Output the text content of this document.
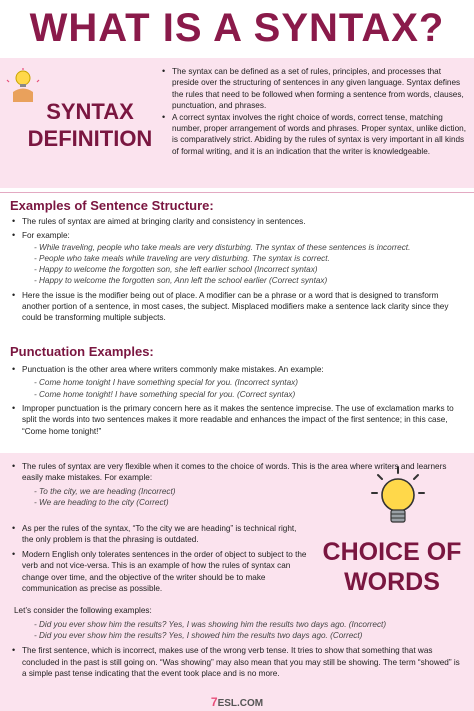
WHAT IS A SYNTAX?
SYNTAX
DEFINITION
• The syntax can be defined as a set of rules, principles, and processes that preside over the structuring of sentences in any given language. Syntax defines the rules that need to be followed when forming a sentence from words, clauses, punctuation, and phrases.
• A correct syntax involves the right choice of words, correct tense, matching number, proper arrangement of words and phrases. Proper syntax, unlike diction, is comparatively strict. Abiding by the rules of syntax is very important in all kinds of formal writing, and it is an indication that the writer is knowledgeable.
Examples of Sentence Structure:
• The rules of syntax are aimed at bringing clarity and consistency in sentences.
• For example:
- While traveling, people who take meals are very disturbing. The syntax of these sentences is incorrect.
- People who take meals while traveling are very disturbing. The syntax is correct.
- Happy to welcome the forgotten son, she left earlier school (Incorrect syntax)
- Happy to welcome the forgotten son, Ann left the school earlier (Correct syntax)
• Here the issue is the modifier being out of place. A modifier can be a phrase or a word that is designed to transform another portion of a sentence, in most cases, the subject. Misplaced modifiers make a sentence lack clarity since they could be transforming multiple subjects.
Punctuation Examples:
• Punctuation is the other area where writers commonly make mistakes. An example:
- Come home tonight I have something special for you. (Incorrect syntax)
- Come home tonight! I have something special for you. (Correct syntax)
• Improper punctuation is the primary concern here as it makes the sentence imprecise. The use of exclamation marks to split the words into two sentences makes it more readable and enhances the impact of the first sentence; in this case, “Come home tonight!”
CHOICE OF
WORDS
• The rules of syntax are very flexible when it comes to the choice of words. This is the area where writers and learners easily make mistakes. For example:
- To the city, we are heading (Incorrect)
- We are heading to the city (Correct)
• As per the rules of the syntax, “To the city we are heading” is technical right, the only problem is that the phrasing is outdated.
• Modern English only tolerates sentences in the order of object to subject to the verb and not vice-versa. This is an example of how the rules of syntax can change over time, and the objective of the writer should be to make communication as precise as possible.
Let’s consider the following examples:
- Did you ever show him the results? Yes, I was showing him the results two days ago. (Incorrect)
- Did you ever show him the results? Yes, I showed him the results two days ago. (Correct)
• The first sentence, which is incorrect, makes use of the wrong verb tense. It tries to show that something that was concluded in the past is still going on. “Was showing” may also mean that you may still be showing. The term “showed” is a simple past tense indicating that the event took place and is no more.
7ESL.COM
